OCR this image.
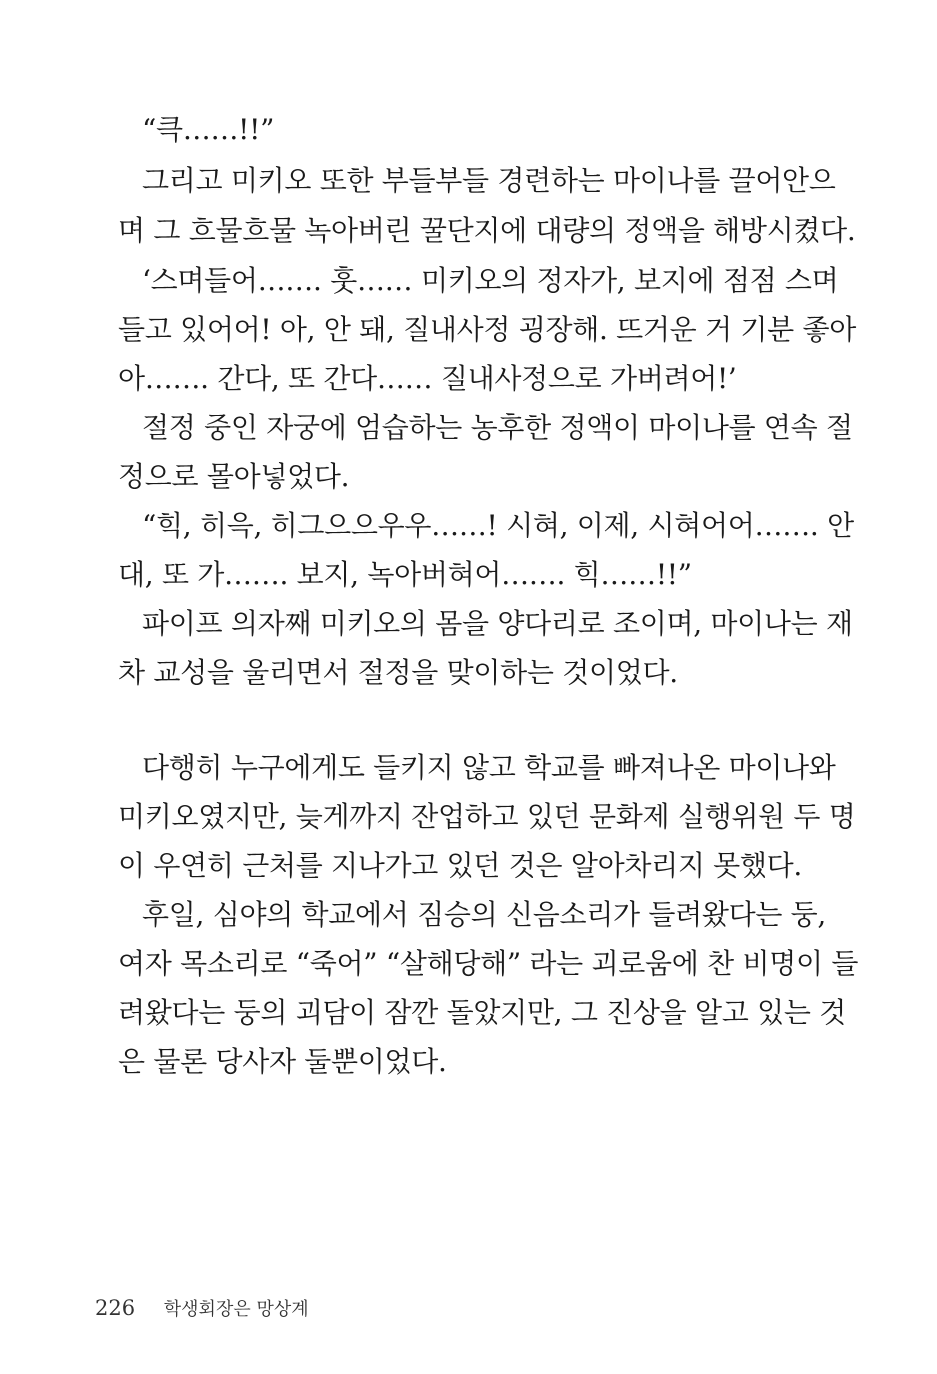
“큭……!!”
그리고 미키오 또한 부들부들 경련하는 마이나를 끌어안으
며 그 흐물흐물 녹아버린 꿀단지에 대량의 정액을 해방시켰다.
‘스며들어……. 훗…… 미키오의 정자가, 보지에 점점 스며
들고 있어어! 아, 안 돼, 질내사정 굉장해. 뜨거운 거 기분 좋아
아……. 간다, 또 간다…… 질내사정으로 가버려어!’
절정 중인 자궁에 엄습하는 농후한 정액이 마이나를 연속 절
정으로 몰아넣었다.
“힉, 히윽, 히그으으우우……! 시혀, 이제, 시혀어어……. 안
대, 또 가……. 보지, 녹아버혀어……. 힉……!!”
파이프 의자째 미키오의 몸을 양다리로 조이며, 마이나는 재
차 교성을 울리면서 절정을 맞이하는 것이었다.
다행히 누구에게도 들키지 않고 학교를 빠져나온 마이나와
미키오였지만, 늦게까지 잔업하고 있던 문화제 실행위원 두 명
이 우연히 근처를 지나가고 있던 것은 알아차리지 못했다.
후일, 심야의 학교에서 짐승의 신음소리가 들려왔다는 둥,
여자 목소리로 “죽어” “살해당해” 라는 괴로움에 찬 비명이 들
려왔다는 둥의 괴담이 잠깐 돌았지만, 그 진상을 알고 있는 것
은 물론 당사자 둘뿐이었다.
226 학생회장은 망상계
